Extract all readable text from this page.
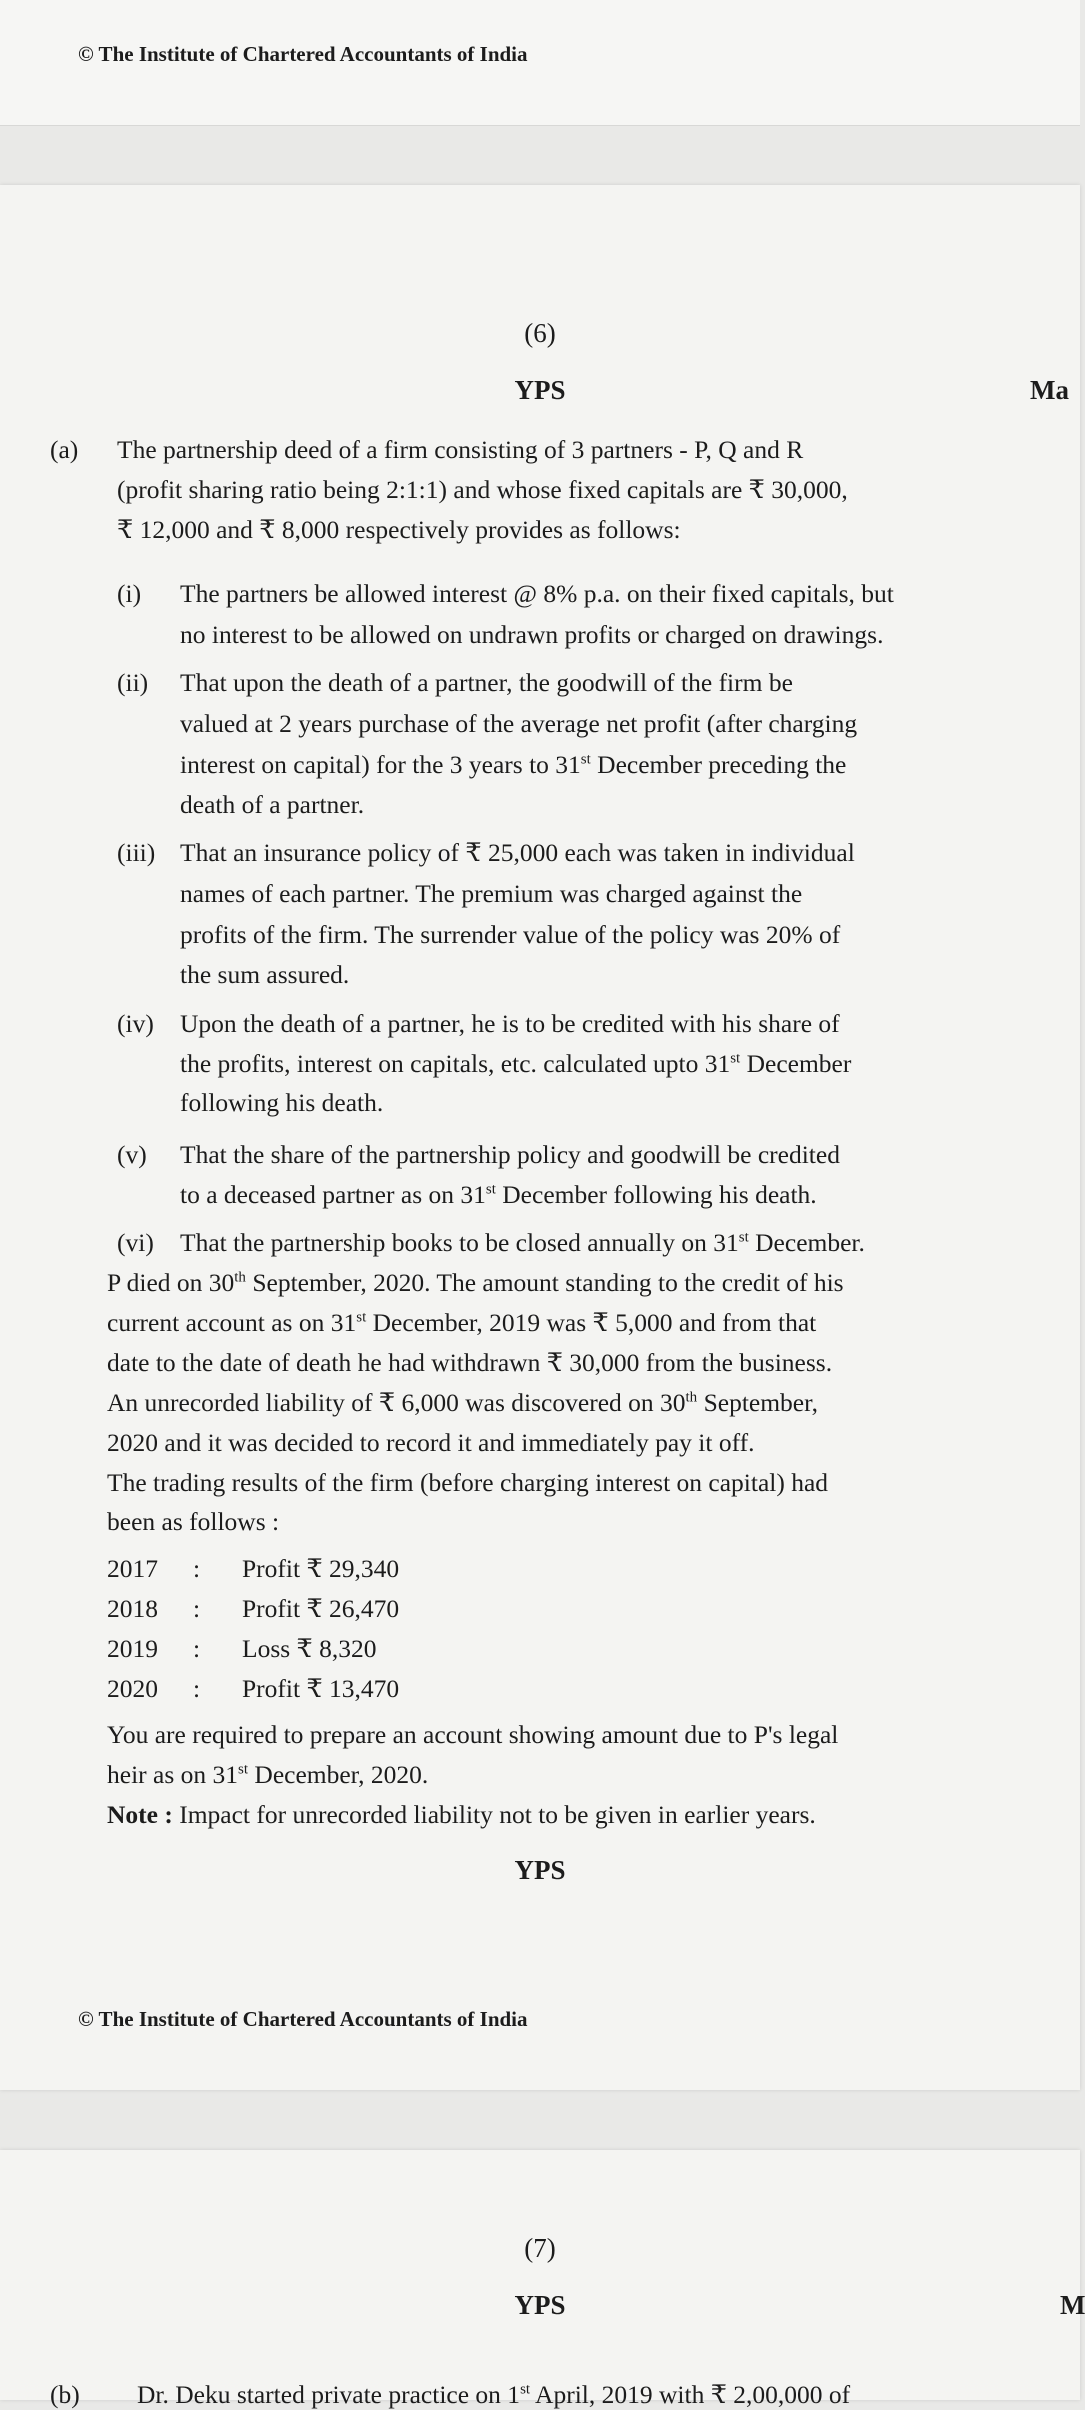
© The Institute of Chartered Accountants of India
(6)
YPS	Ma
(a) The partnership deed of a firm consisting of 3 partners - P, Q and R
(profit sharing ratio being 2:1:1) and whose fixed capitals are ₹ 30,000,
₹ 12,000 and ₹ 8,000 respectively provides as follows:
(i) The partners be allowed interest @ 8% p.a. on their fixed capitals, but
no interest to be allowed on undrawn profits or charged on drawings.
(ii) That upon the death of a partner, the goodwill of the firm be
valued at 2 years purchase of the average net profit (after charging
interest on capital) for the 3 years to 31st December preceding the
death of a partner.
(iii) That an insurance policy of ₹ 25,000 each was taken in individual
names of each partner. The premium was charged against the
profits of the firm. The surrender value of the policy was 20% of
the sum assured.
(iv) Upon the death of a partner, he is to be credited with his share of
the profits, interest on capitals, etc. calculated upto 31st December
following his death.
(v) That the share of the partnership policy and goodwill be credited
to a deceased partner as on 31st December following his death.
(vi) That the partnership books to be closed annually on 31st December.
P died on 30th September, 2020. The amount standing to the credit of his
current account as on 31st December, 2019 was ₹ 5,000 and from that
date to the date of death he had withdrawn ₹ 30,000 from the business.
An unrecorded liability of ₹ 6,000 was discovered on 30th September,
2020 and it was decided to record it and immediately pay it off.
The trading results of the firm (before charging interest on capital) had
been as follows :
2017 : Profit ₹ 29,340
2018 : Profit ₹ 26,470
2019 : Loss ₹ 8,320
2020 : Profit ₹ 13,470
You are required to prepare an account showing amount due to P's legal
heir as on 31st December, 2020.
Note : Impact for unrecorded liability not to be given in earlier years.
YPS
© The Institute of Chartered Accountants of India
(7)
YPS	M
(b) Dr. Deku started private practice on 1st April, 2019 with ₹ 2,00,000 of
